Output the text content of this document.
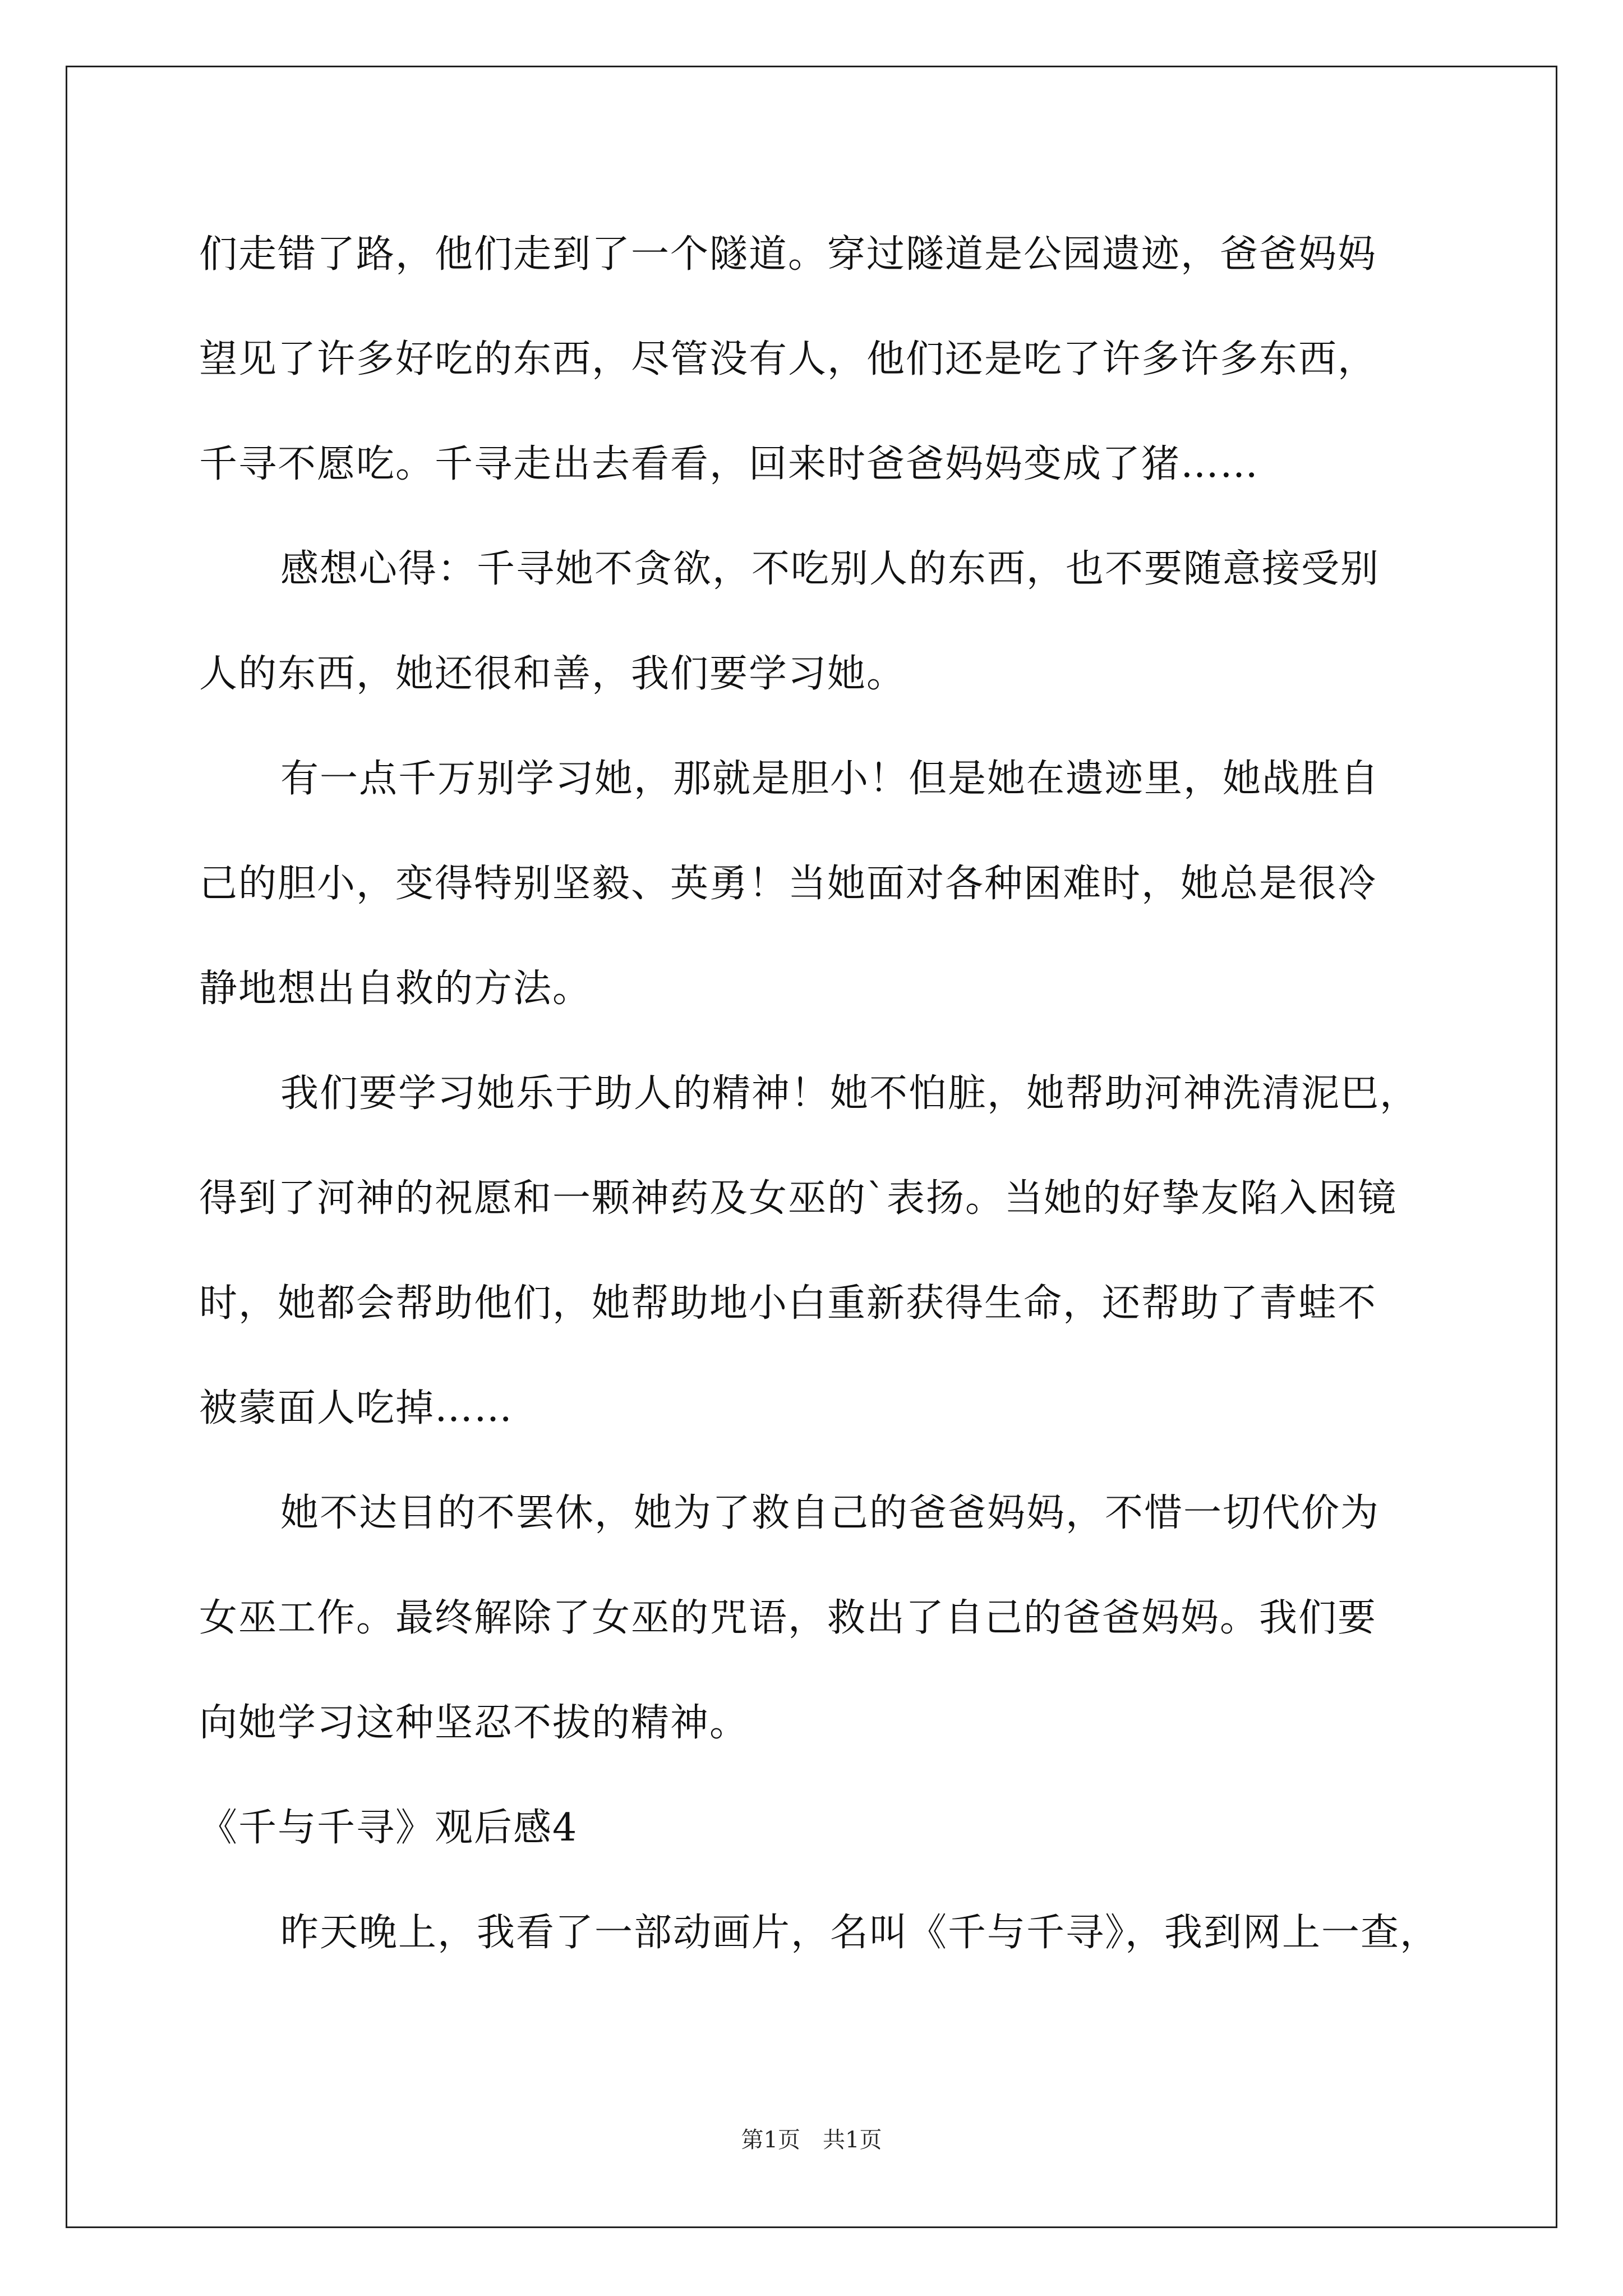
们走错了路，他们走到了一个隧道。穿过隧道是公园遗迹，爸爸妈妈
望见了许多好吃的东西，尽管没有人，他们还是吃了许多许多东西，
千寻不愿吃。千寻走出去看看，回来时爸爸妈妈变成了猪……
感想心得：千寻她不贪欲，不吃别人的东西，也不要随意接受别
人的东西，她还很和善，我们要学习她。
有一点千万别学习她，那就是胆小！但是她在遗迹里，她战胜自
己的胆小，变得特别坚毅、英勇！当她面对各种困难时，她总是很冷
静地想出自救的方法。
我们要学习她乐于助人的精神！她不怕脏，她帮助河神洗清泥巴，
得到了河神的祝愿和一颗神药及女巫的`表扬。当她的好挚友陷入困镜
时，她都会帮助他们，她帮助地小白重新获得生命，还帮助了青蛙不
被蒙面人吃掉……
她不达目的不罢休，她为了救自己的爸爸妈妈，不惜一切代价为
女巫工作。最终解除了女巫的咒语，救出了自己的爸爸妈妈。我们要
向她学习这种坚忍不拔的精神。
《千与千寻》观后感4
昨天晚上，我看了一部动画片，名叫《千与千寻》，我到网上一查，
第1页　共1页
